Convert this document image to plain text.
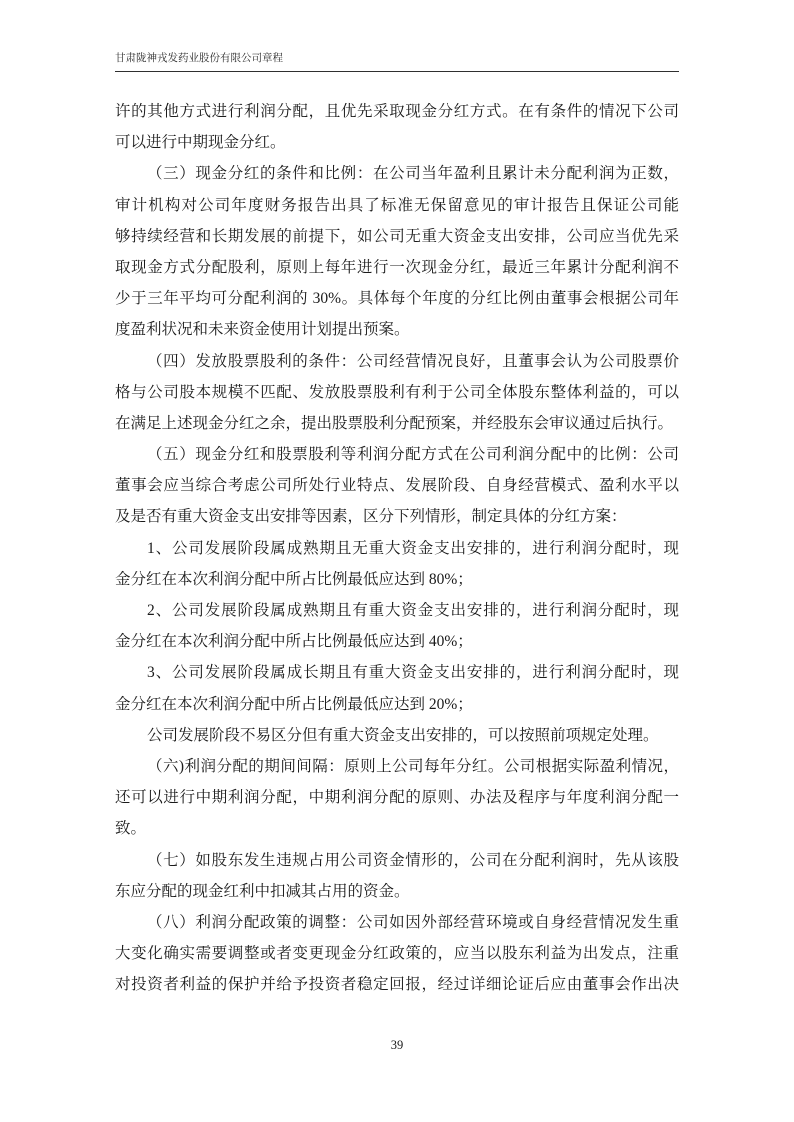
甘肃陇神戎发药业股份有限公司章程
许的其他方式进行利润分配，且优先采取现金分红方式。在有条件的情况下公司
可以进行中期现金分红。
（三）现金分红的条件和比例：在公司当年盈利且累计未分配利润为正数，
审计机构对公司年度财务报告出具了标准无保留意见的审计报告且保证公司能
够持续经营和长期发展的前提下，如公司无重大资金支出安排，公司应当优先采
取现金方式分配股利，原则上每年进行一次现金分红，最近三年累计分配利润不
少于三年平均可分配利润的 30%。具体每个年度的分红比例由董事会根据公司年
度盈利状况和未来资金使用计划提出预案。
（四）发放股票股利的条件：公司经营情况良好，且董事会认为公司股票价
格与公司股本规模不匹配、发放股票股利有利于公司全体股东整体利益的，可以
在满足上述现金分红之余，提出股票股利分配预案，并经股东会审议通过后执行。
（五）现金分红和股票股利等利润分配方式在公司利润分配中的比例：公司
董事会应当综合考虑公司所处行业特点、发展阶段、自身经营模式、盈利水平以
及是否有重大资金支出安排等因素，区分下列情形，制定具体的分红方案：
1、公司发展阶段属成熟期且无重大资金支出安排的，进行利润分配时，现
金分红在本次利润分配中所占比例最低应达到 80%；
2、公司发展阶段属成熟期且有重大资金支出安排的，进行利润分配时，现
金分红在本次利润分配中所占比例最低应达到 40%；
3、公司发展阶段属成长期且有重大资金支出安排的，进行利润分配时，现
金分红在本次利润分配中所占比例最低应达到 20%；
公司发展阶段不易区分但有重大资金支出安排的，可以按照前项规定处理。
（六)利润分配的期间间隔：原则上公司每年分红。公司根据实际盈利情况，
还可以进行中期利润分配，中期利润分配的原则、办法及程序与年度利润分配一
致。
（七）如股东发生违规占用公司资金情形的，公司在分配利润时，先从该股
东应分配的现金红利中扣减其占用的资金。
（八）利润分配政策的调整：公司如因外部经营环境或自身经营情况发生重
大变化确实需要调整或者变更现金分红政策的，应当以股东利益为出发点，注重
对投资者利益的保护并给予投资者稳定回报，经过详细论证后应由董事会作出决
39
